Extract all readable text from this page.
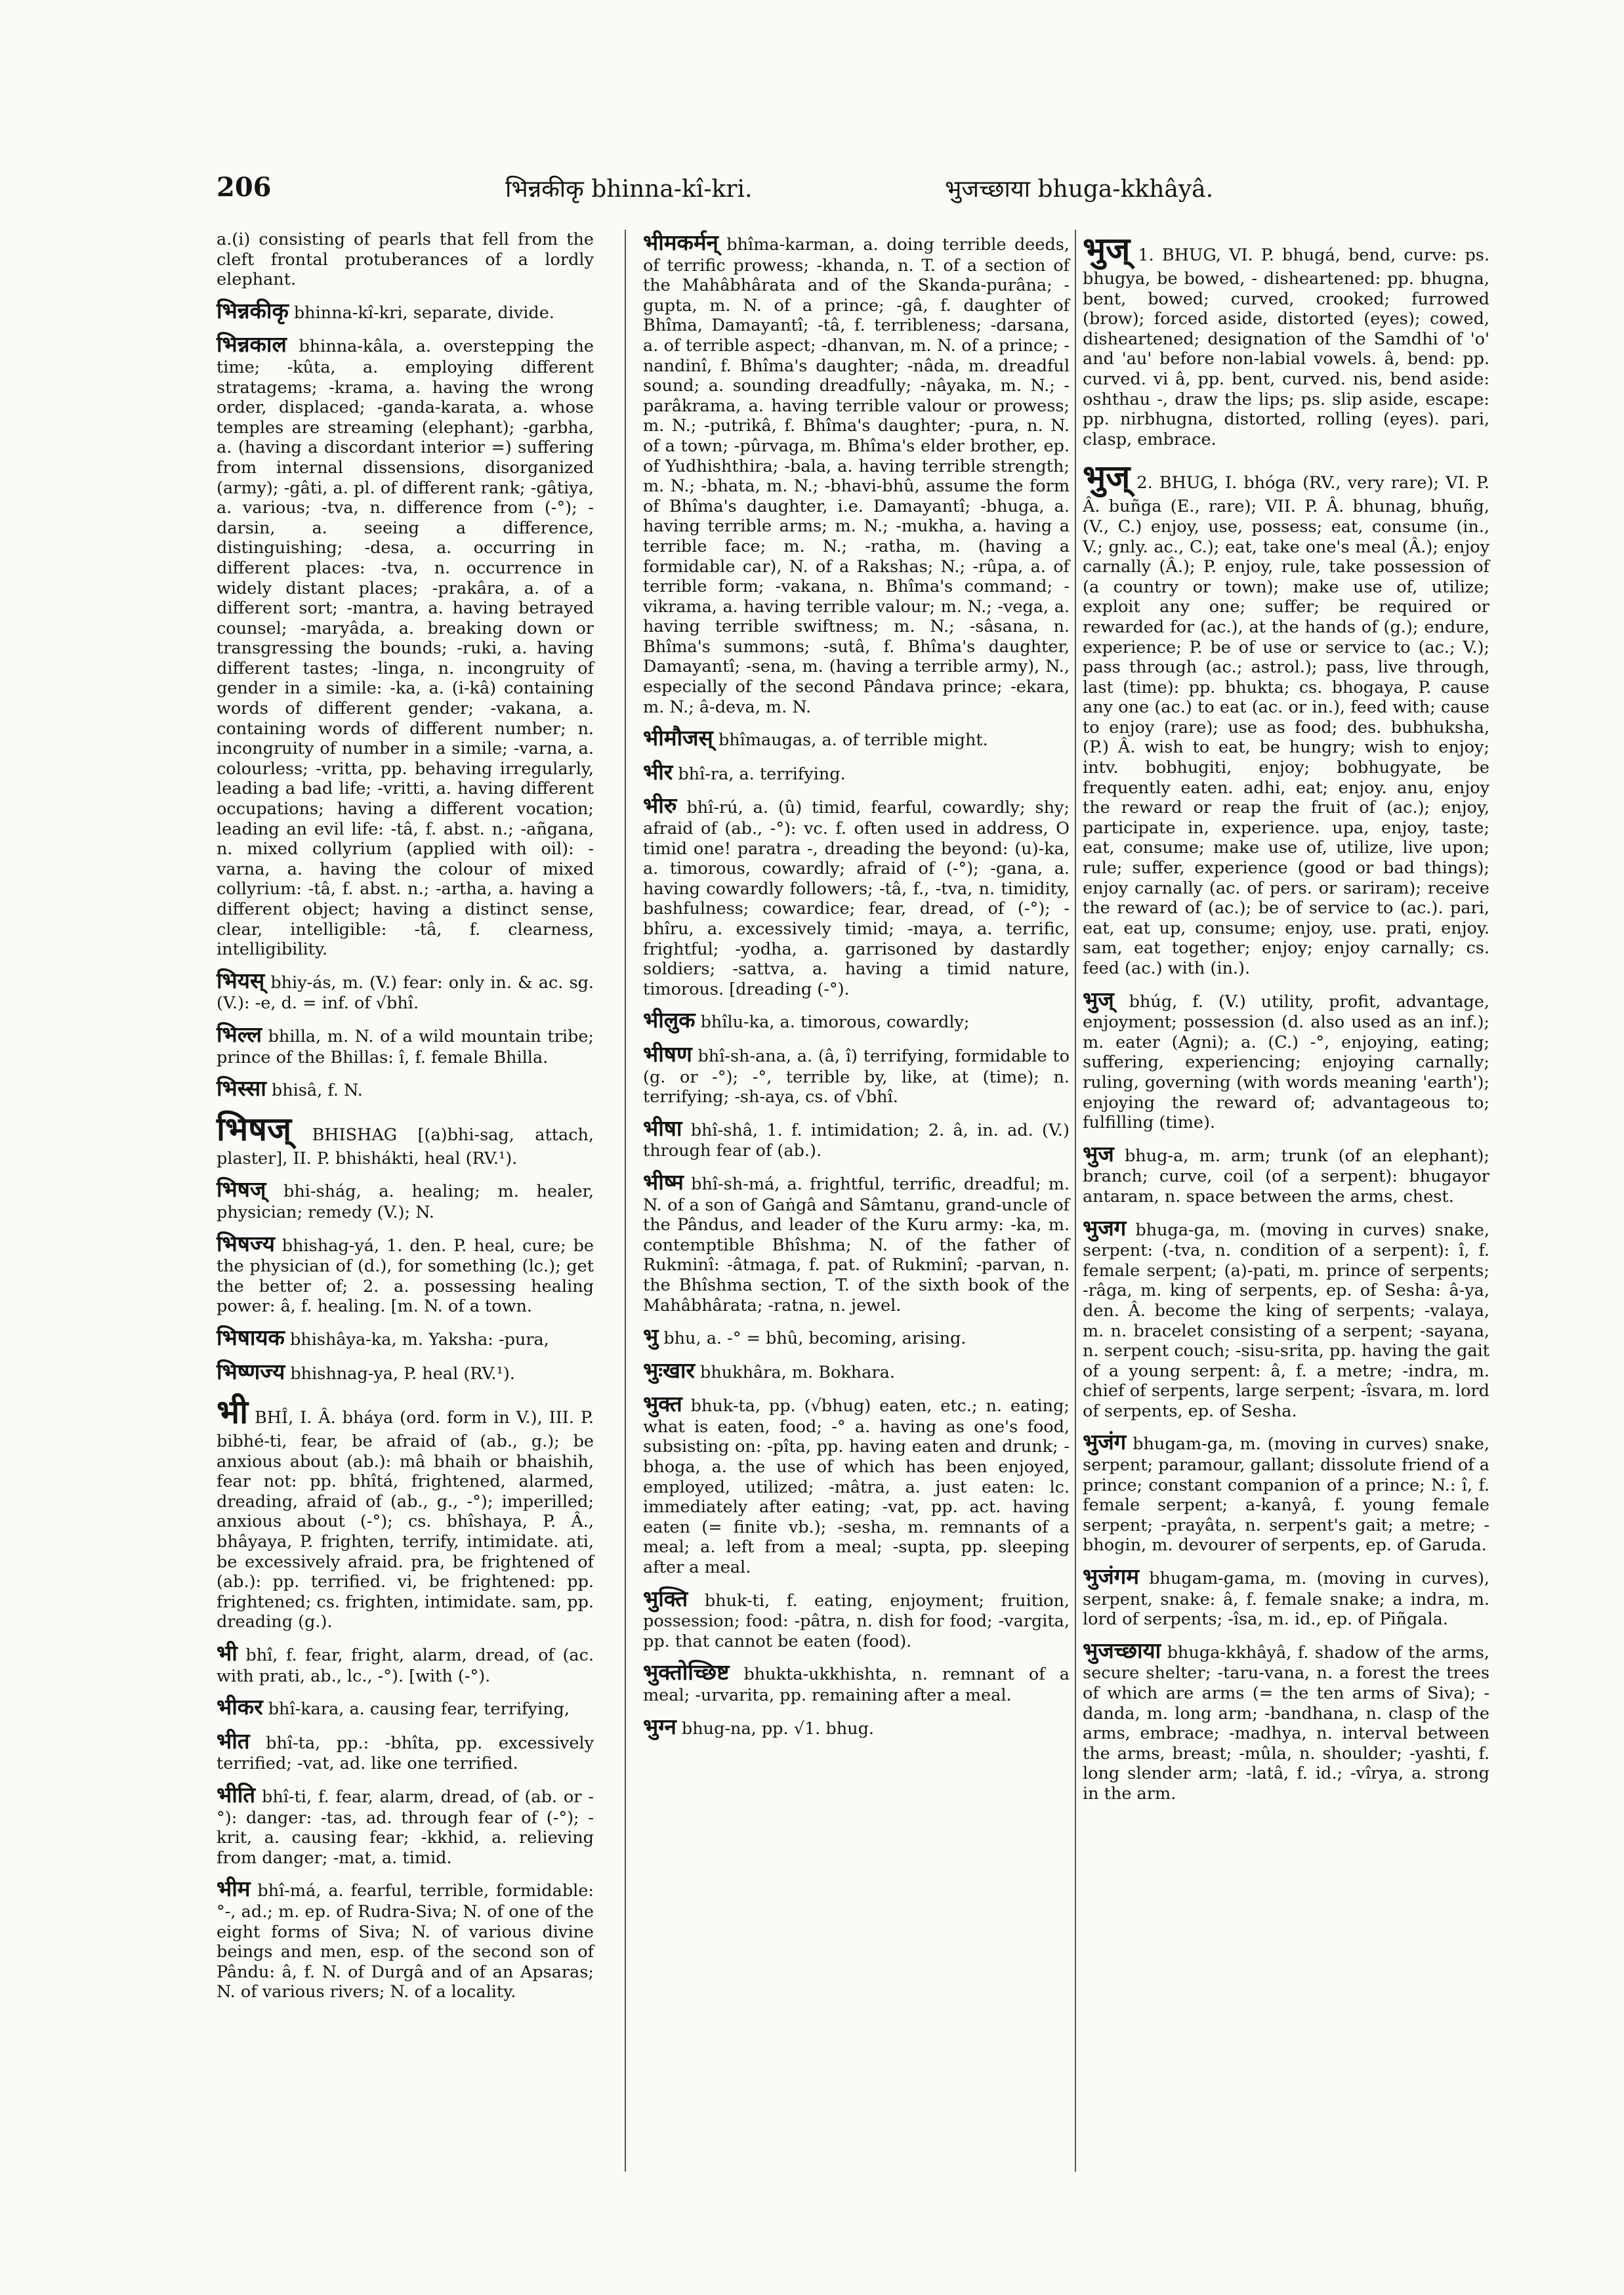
206	भिन्नकीकृ bhinna-kî-kri.	भुजच्छाया bhuga-kkhâyâ.
a.(i) consisting of pearls that fell from the cleft frontal protuberances of a lordly elephant.
भिन्नकीकृ bhinna-kî-kri, separate, divide.
भिन्नकाल bhinna-kâla, a. overstepping the time; -kûta, a. employing different stratagems; -krama, a. having the wrong order, displaced; -ganda-karata, a. whose temples are streaming (elephant); -garbha, a. (having a discordant interior =) suffering from internal dissensions, disorganized (army); -gâti, a. pl. of different rank; -gâtiya, a. various; -tva, n. difference from (-°); -darsin, a. seeing a difference, distinguishing; -desa, a. occurring in different places: -tva, n. occurrence in widely distant places; -prakâra, a. of a different sort; -mantra, a. having betrayed counsel; -maryâda, a. breaking down or transgressing the bounds; -ruki, a. having different tastes; -linga, n. incongruity of gender in a simile: -ka, a. (i-kâ) containing words of different gender; -vakana, a. containing words of different number; n. incongruity of number in a simile; -varna, a. colourless; -vritta, pp. behaving irregularly, leading a bad life; -vritti, a. having different occupations; having a different vocation; leading an evil life: -tâ, f. abst. n.; -añgana, n. mixed collyrium (applied with oil): -varna, a. having the colour of mixed collyrium: -tâ, f. abst. n.; -artha, a. having a different object; having a distinct sense, clear, intelligible: -tâ, f. clearness, intelligibility.
भियस् bhiy-ás, m. (V.) fear: only in. & ac. sg. (V.): -e, d. = inf. of √bhî.
भिल्ल bhilla, m. N. of a wild mountain tribe; prince of the Bhillas: î, f. female Bhilla.
भिस्सा bhisâ, f. N.
भिषज् BHISHAG [(a)bhi-sag, attach, plaster], II. P. bhishákti, heal (RV.¹).
भिषज् bhi-shág, a. healing; m. healer, physician; remedy (V.); N.
भिषज्य bhishag-yá, 1. den. P. heal, cure; be the physician of (d.), for something (lc.); get the better of; 2. a. possessing healing power: â, f. healing. [m. N. of a town.
भिषायक bhishâya-ka, m. Yaksha: -pura,
भिष्णज्य bhishnag-ya, P. heal (RV.¹).
भी BHÎ, I. Â. bháya (ord. form in V.), III. P. bibhé-ti, fear, be afraid of (ab., g.); be anxious about (ab.): mâ bhaih or bhaishih, fear not: pp. bhîtá, frightened, alarmed, dreading, afraid of (ab., g., -°); imperilled; anxious about (-°); cs. bhîshaya, P. Â., bhâyaya, P. frighten, terrify, intimidate. ati, be excessively afraid. pra, be frightened of (ab.): pp. terrified. vi, be frightened: pp. frightened; cs. frighten, intimidate. sam, pp. dreading (g.).
भी bhî, f. fear, fright, alarm, dread, of (ac. with prati, ab., lc., -°). [with (-°).
भीकर bhî-kara, a. causing fear, terrifying,
भीत bhî-ta, pp.: -bhîta, pp. excessively terrified; -vat, ad. like one terrified.
भीति bhî-ti, f. fear, alarm, dread, of (ab. or -°): danger: -tas, ad. through fear of (-°); -krit, a. causing fear; -kkhid, a. relieving from danger; -mat, a. timid.
भीम bhî-má, a. fearful, terrible, formidable: °-, ad.; m. ep. of Rudra-Siva; N. of one of the eight forms of Siva; N. of various divine beings and men, esp. of the second son of Pându: â, f. N. of Durgâ and of an Apsaras; N. of various rivers; N. of a locality.
भीमकर्मन् bhîma-karman, a. doing terrible deeds, of terrific prowess; -khanda, n. T. of a section of the Mahâbhârata and of the Skanda-purâna; -gupta, m. N. of a prince; -gâ, f. daughter of Bhîma, Damayantî; -tâ, f. terribleness; -darsana, a. of terrible aspect; -dhanvan, m. N. of a prince; -nandinî, f. Bhîma's daughter; -nâda, m. dreadful sound; a. sounding dreadfully; -nâyaka, m. N.; -parâkrama, a. having terrible valour or prowess; m. N.; -putrikâ, f. Bhîma's daughter; -pura, n. N. of a town; -pûrvaga, m. Bhîma's elder brother, ep. of Yudhishthira; -bala, a. having terrible strength; m. N.; -bhata, m. N.; -bhavi-bhû, assume the form of Bhîma's daughter, i.e. Damayantî; -bhuga, a. having terrible arms; m. N.; -mukha, a. having a terrible face; m. N.; -ratha, m. (having a formidable car), N. of a Rakshas; N.; -rûpa, a. of terrible form; -vakana, n. Bhîma's command; -vikrama, a. having terrible valour; m. N.; -vega, a. having terrible swiftness; m. N.; -sâsana, n. Bhîma's summons; -sutâ, f. Bhîma's daughter, Damayantî; -sena, m. (having a terrible army), N., especially of the second Pândava prince; -ekara, m. N.; â-deva, m. N.
भीमौजस् bhîmaugas, a. of terrible might.
भीर bhî-ra, a. terrifying.
भीरु bhî-rú, a. (û) timid, fearful, cowardly; shy; afraid of (ab., -°): vc. f. often used in address, O timid one! paratra -, dreading the beyond: (u)-ka, a. timorous, cowardly; afraid of (-°); -gana, a. having cowardly followers; -tâ, f., -tva, n. timidity, bashfulness; cowardice; fear, dread, of (-°); -bhîru, a. excessively timid; -maya, a. terrific, frightful; -yodha, a. garrisoned by dastardly soldiers; -sattva, a. having a timid nature, timorous. [dreading (-°).
भीलुक bhîlu-ka, a. timorous, cowardly;
भीषण bhî-sh-ana, a. (â, î) terrifying, formidable to (g. or -°); -°, terrible by, like, at (time); n. terrifying; -sh-aya, cs. of √bhî.
भीषा bhî-shâ, 1. f. intimidation; 2. â, in. ad. (V.) through fear of (ab.).
भीष्म bhî-sh-má, a. frightful, terrific, dreadful; m. N. of a son of Gaṅgâ and Sâmtanu, grand-uncle of the Pândus, and leader of the Kuru army: -ka, m. contemptible Bhîshma; N. of the father of Rukminî: -âtmaga, f. pat. of Rukminî; -parvan, n. the Bhîshma section, T. of the sixth book of the Mahâbhârata; -ratna, n. jewel.
भु bhu, a. -° = bhû, becoming, arising.
भुःखार bhukhâra, m. Bokhara.
भुक्त bhuk-ta, pp. (√bhug) eaten, etc.; n. eating; what is eaten, food; -° a. having as one's food, subsisting on: -pîta, pp. having eaten and drunk; -bhoga, a. the use of which has been enjoyed, employed, utilized; -mâtra, a. just eaten: lc. immediately after eating; -vat, pp. act. having eaten (= finite vb.); -sesha, m. remnants of a meal; a. left from a meal; -supta, pp. sleeping after a meal.
भुक्ति bhuk-ti, f. eating, enjoyment; fruition, possession; food: -pâtra, n. dish for food; -vargita, pp. that cannot be eaten (food).
भुक्तोच्छिष्ट bhukta-ukkhishta, n. remnant of a meal; -urvarita, pp. remaining after a meal.
भुग्न bhug-na, pp. √1. bhug.
भुज् 1. BHUG, VI. P. bhugá, bend, curve: ps. bhugya, be bowed, - disheartened: pp. bhugna, bent, bowed; curved, crooked; furrowed (brow); forced aside, distorted (eyes); cowed, disheartened; designation of the Samdhi of 'o' and 'au' before non-labial vowels. â, bend: pp. curved. vi â, pp. bent, curved. nis, bend aside: oshthau -, draw the lips; ps. slip aside, escape: pp. nirbhugna, distorted, rolling (eyes). pari, clasp, embrace.
भुज् 2. BHUG, I. bhóga (RV., very rare); VI. P. Â. buñga (E., rare); VII. P. Â. bhunag, bhuñg, (V., C.) enjoy, use, possess; eat, consume (in., V.; gnly. ac., C.); eat, take one's meal (Â.); enjoy carnally (Â.); P. enjoy, rule, take possession of (a country or town); make use of, utilize; exploit any one; suffer; be required or rewarded for (ac.), at the hands of (g.); endure, experience; P. be of use or service to (ac.; V.); pass through (ac.; astrol.); pass, live through, last (time): pp. bhukta; cs. bhogaya, P. cause any one (ac.) to eat (ac. or in.), feed with; cause to enjoy (rare); use as food; des. bubhuksha, (P.) Â. wish to eat, be hungry; wish to enjoy; intv. bobhugiti, enjoy; bobhugyate, be frequently eaten. adhi, eat; enjoy. anu, enjoy the reward or reap the fruit of (ac.); enjoy, participate in, experience. upa, enjoy, taste; eat, consume; make use of, utilize, live upon; rule; suffer, experience (good or bad things); enjoy carnally (ac. of pers. or sariram); receive the reward of (ac.); be of service to (ac.). pari, eat, eat up, consume; enjoy, use. prati, enjoy. sam, eat together; enjoy; enjoy carnally; cs. feed (ac.) with (in.).
भुज् bhúg, f. (V.) utility, profit, advantage, enjoyment; possession (d. also used as an inf.); m. eater (Agni); a. (C.) -°, enjoying, eating; suffering, experiencing; enjoying carnally; ruling, governing (with words meaning 'earth'); enjoying the reward of; advantageous to; fulfilling (time).
भुज bhug-a, m. arm; trunk (of an elephant); branch; curve, coil (of a serpent): bhugayor antaram, n. space between the arms, chest.
भुजग bhuga-ga, m. (moving in curves) snake, serpent: (-tva, n. condition of a serpent): î, f. female serpent; (a)-pati, m. prince of serpents; -râga, m. king of serpents, ep. of Sesha: â-ya, den. Â. become the king of serpents; -valaya, m. n. bracelet consisting of a serpent; -sayana, n. serpent couch; -sisu-srita, pp. having the gait of a young serpent: â, f. a metre; -indra, m. chief of serpents, large serpent; -îsvara, m. lord of serpents, ep. of Sesha.
भुजंग bhugam-ga, m. (moving in curves) snake, serpent; paramour, gallant; dissolute friend of a prince; constant companion of a prince; N.: î, f. female serpent; a-kanyâ, f. young female serpent; -prayâta, n. serpent's gait; a metre; -bhogin, m. devourer of serpents, ep. of Garuda.
भुजंगम bhugam-gama, m. (moving in curves), serpent, snake: â, f. female snake; a indra, m. lord of serpents; -îsa, m. id., ep. of Piñgala.
भुजच्छाया bhuga-kkhâyâ, f. shadow of the arms, secure shelter; -taru-vana, n. a forest the trees of which are arms (= the ten arms of Siva); -danda, m. long arm; -bandhana, n. clasp of the arms, embrace; -madhya, n. interval between the arms, breast; -mûla, n. shoulder; -yashti, f. long slender arm; -latâ, f. id.; -vîrya, a. strong in the arm.
